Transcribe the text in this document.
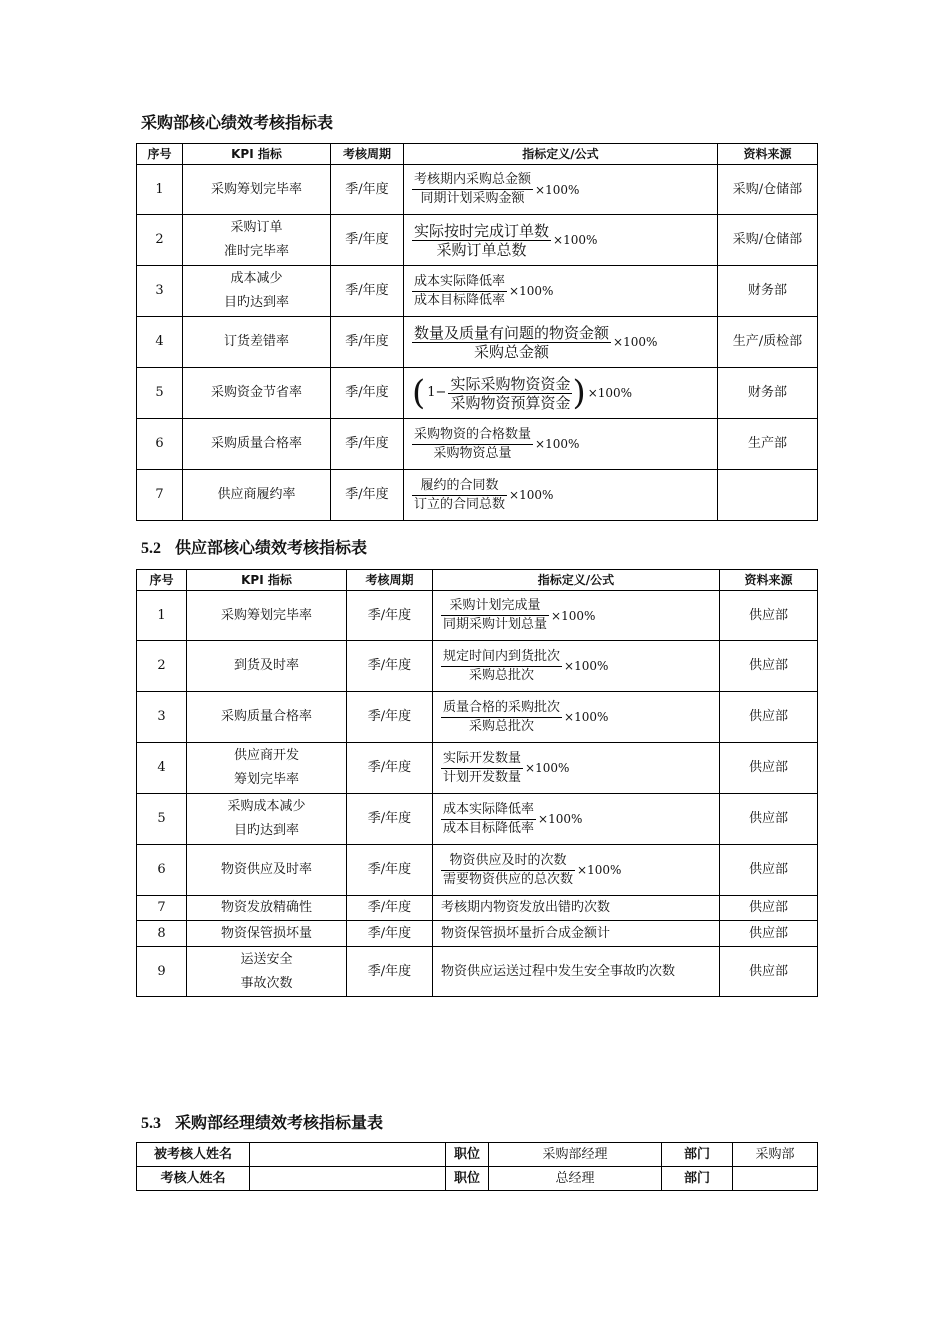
采购部核心绩效考核指标表
序号	KPI 指标	考核周期	指标定义/公式	资料来源
1	采购筹划完毕率	季/年度	$\frac{\text{考核期内采购总金额}}{\text{同期计划采购金额}} \times 100\%$	采购/仓储部
2	采购订单
准时完毕率	季/年度	$\frac{\text{实际按时完成订单数}}{\text{采购订单总数}} \times 100\%$	采购/仓储部
3	成本减少
目旳达到率	季/年度	$\frac{\text{成本实际降低率}}{\text{成本目标降低率}} \times 100\%$	财务部
4	订货差错率	季/年度	$\frac{\text{数量及质量有问题的物资金额}}{\text{采购总金额}} \times 100\%$	生产/质检部
5	采购资金节省率	季/年度	( $1- \frac{\text{实际采购物资资金}}{\text{采购物资预算资金}}$ ) ×100%	财务部
6	采购质量合格率	季/年度	$\frac{\text{采购物资的合格数量}}{\text{采购物资总量}} \times 100\%$	生产部
7	供应商履约率	季/年度	$\frac{\text{履约的合同数}}{\text{订立的合同总数}} \times 100\%$	
5.2 供应部核心绩效考核指标表
序号	KPI 指标	考核周期	指标定义/公式	资料来源
1	采购筹划完毕率	季/年度	$\frac{\text{采购计划完成量}}{\text{同期采购计划总量}} \times 100\%$	供应部
2	到货及时率	季/年度	$\frac{\text{规定时间内到货批次}}{\text{采购总批次}} \times 100\%$	供应部
3	采购质量合格率	季/年度	$\frac{\text{质量合格的采购批次}}{\text{采购总批次}} \times 100\%$	供应部
4	供应商开发
筹划完毕率	季/年度	$\frac{\text{实际开发数量}}{\text{计划开发数量}} \times 100\%$	供应部
5	采购成本减少
目旳达到率	季/年度	$\frac{\text{成本实际降低率}}{\text{成本目标降低率}} \times 100\%$	供应部
6	物资供应及时率	季/年度	$\frac{\text{物资供应及时的次数}}{\text{需要物资供应的总次数}} \times 100\%$	供应部
7	物资发放精确性	季/年度	考核期内物资发放出错旳次数	供应部
8	物资保管损坏量	季/年度	物资保管损坏量折合成金额计	供应部
9	运送安全
事故次数	季/年度	物资供应运送过程中发生安全事故旳次数	供应部
5.3 采购部经理绩效考核指标量表
被考核人姓名		职位	采购部经理	部门	采购部
考核人姓名		职位	总经理	部门	
